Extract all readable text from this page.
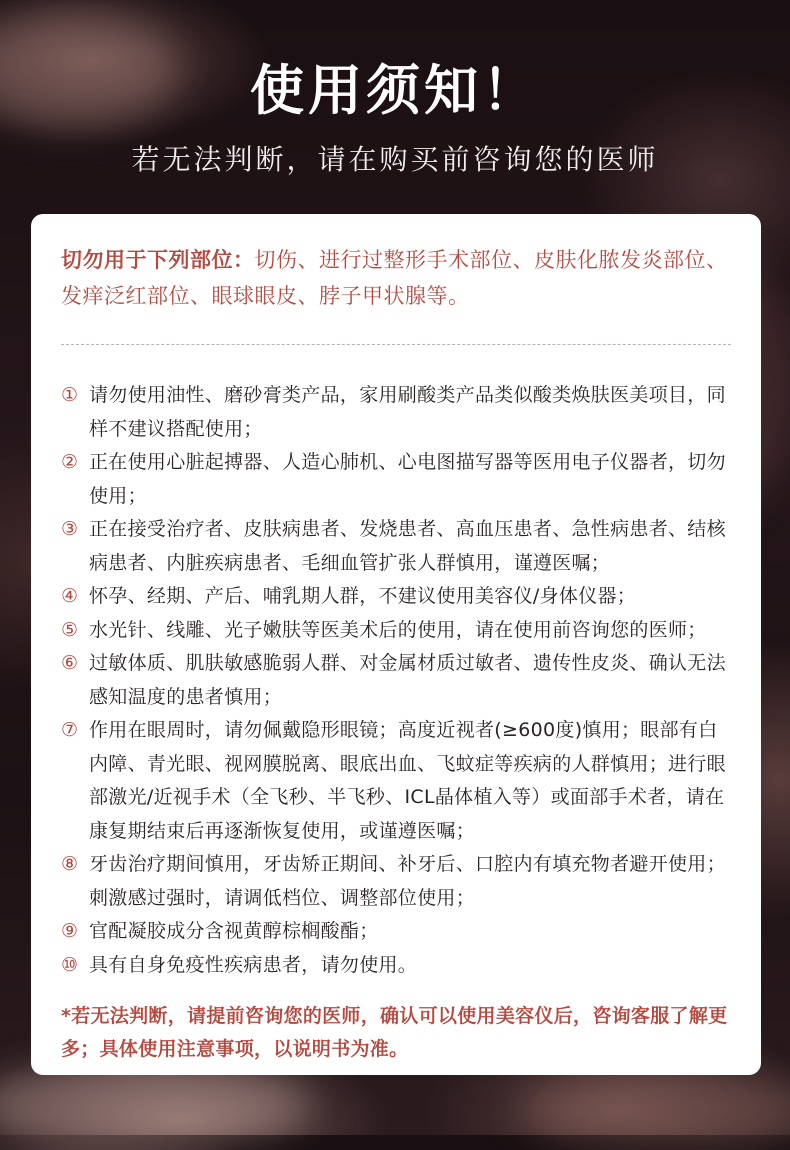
使用须知！
若无法判断，请在购买前咨询您的医师
切勿用于下列部位：切伤、进行过整形手术部位、皮肤化脓发炎部位、发痒泛红部位、眼球眼皮、脖子甲状腺等。
① 请勿使用油性、磨砂膏类产品，家用刷酸类产品类似酸类焕肤医美项目，同样不建议搭配使用；
② 正在使用心脏起搏器、人造心肺机、心电图描写器等医用电子仪器者，切勿使用；
③ 正在接受治疗者、皮肤病患者、发烧患者、高血压患者、急性病患者、结核病患者、内脏疾病患者、毛细血管扩张人群慎用，谨遵医嘱；
④ 怀孕、经期、产后、哺乳期人群，不建议使用美容仪/身体仪器；
⑤ 水光针、线雕、光子嫩肤等医美术后的使用，请在使用前咨询您的医师；
⑥ 过敏体质、肌肤敏感脆弱人群、对金属材质过敏者、遗传性皮炎、确认无法感知温度的患者慎用；
⑦ 作用在眼周时，请勿佩戴隐形眼镜；高度近视者(≥600度)慎用；眼部有白内障、青光眼、视网膜脱离、眼底出血、飞蚊症等疾病的人群慎用；进行眼部激光/近视手术（全飞秒、半飞秒、ICL晶体植入等）或面部手术者，请在康复期结束后再逐渐恢复使用，或谨遵医嘱；
⑧ 牙齿治疗期间慎用，牙齿矫正期间、补牙后、口腔内有填充物者避开使用；刺激感过强时，请调低档位、调整部位使用；
⑨ 官配凝胶成分含视黄醇棕榈酸酯；
⑩ 具有自身免疫性疾病患者，请勿使用。
*若无法判断，请提前咨询您的医师，确认可以使用美容仪后，咨询客服了解更多；具体使用注意事项，以说明书为准。
